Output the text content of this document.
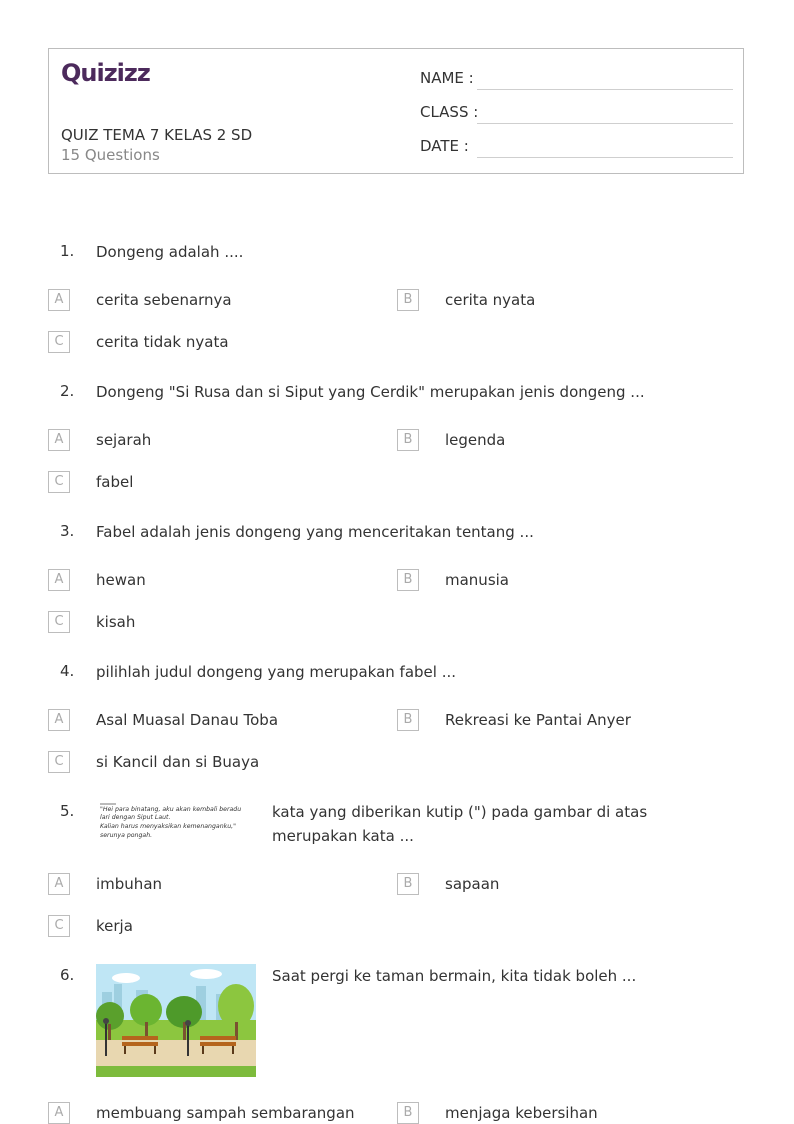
Quizizz
QUIZ TEMA 7 KELAS 2 SD
15 Questions
NAME :
CLASS :
DATE :
1. Dongeng adalah ....
A	cerita sebenarnya	B	cerita nyata
C	cerita tidak nyata
2. Dongeng "Si Rusa dan si Siput yang Cerdik" merupakan jenis dongeng ...
A	sejarah	B	legenda
C	fabel
3. Fabel adalah jenis dongeng yang menceritakan tentang ...
A	hewan	B	manusia
C	kisah
4. pilihlah judul dongeng yang merupakan fabel ...
A	Asal Muasal Danau Toba	B	Rekreasi ke Pantai Anyer
C	si Kancil dan si Buaya
5.	"Hei para binatang, aku akan kembali beradu
lari dengan Siput Laut.
Kalian harus menyaksikan kemenanganku,"
serunya pongah.
kata yang diberikan kutip (") pada gambar di atas merupakan kata ...
A	imbuhan	B	sapaan
C	kerja
6.	Saat pergi ke taman bermain, kita tidak boleh ...
A	membuang sampah sembarangan	B	menjaga kebersihan
